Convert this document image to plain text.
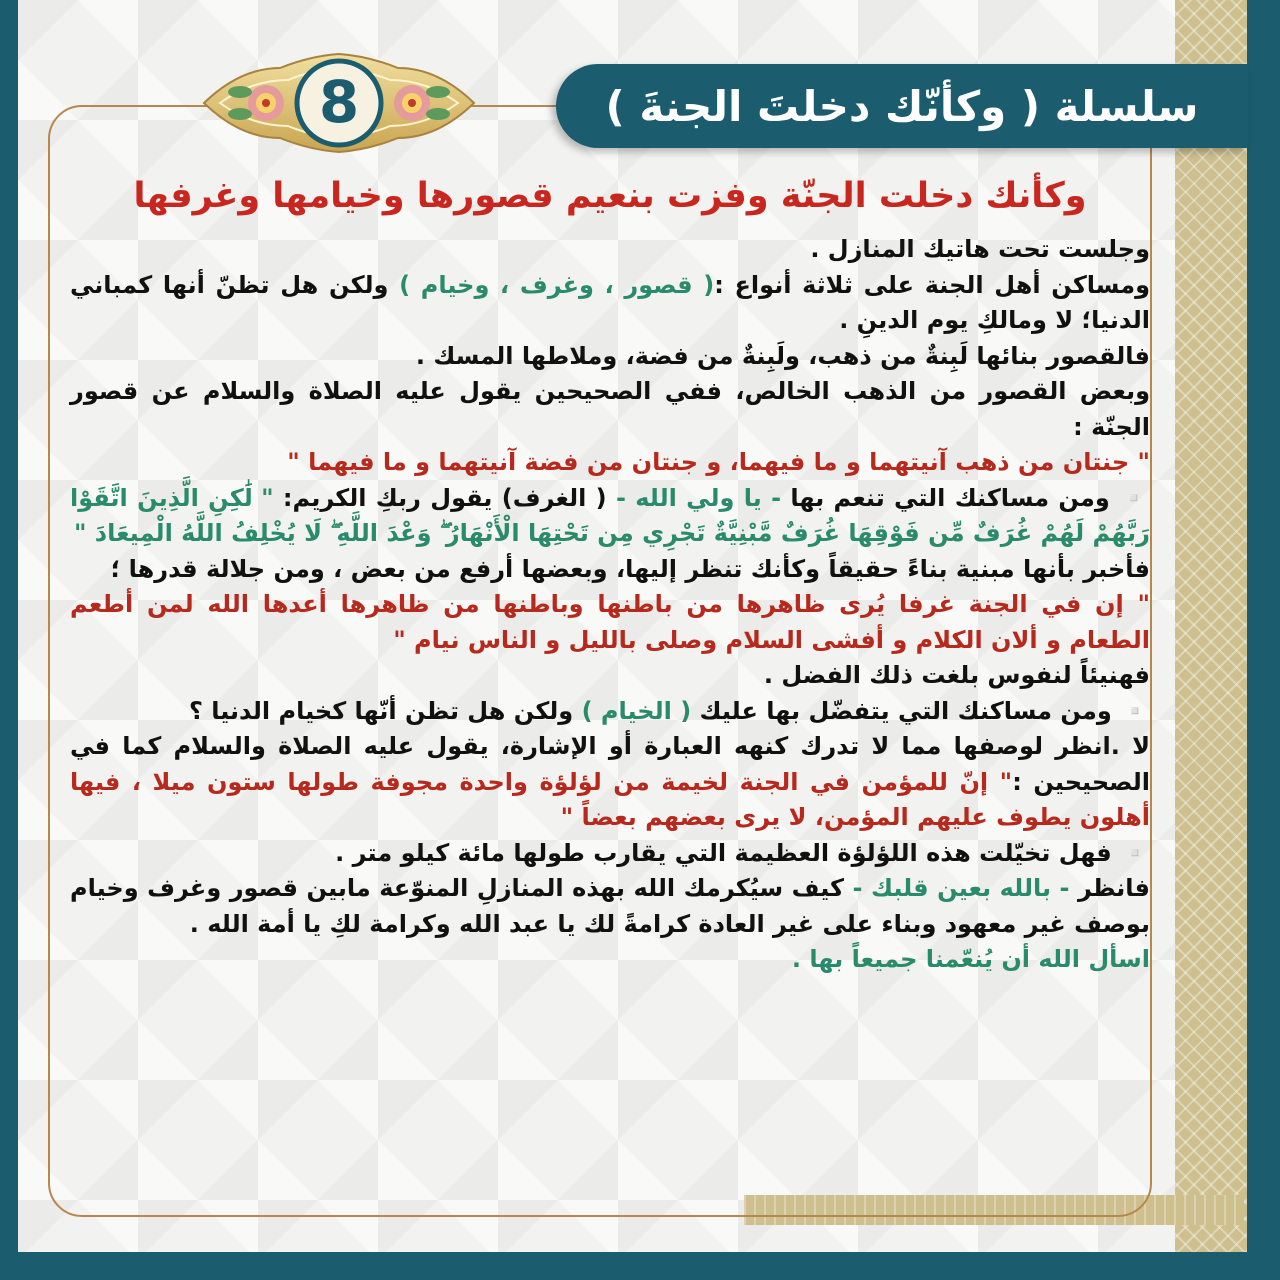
سلسلة ( وكأنّك دخلتَ الجنةَ )
8

وكأنك دخلت الجنّة وفزت بنعيم قصورها وخيامها وغرفها

وجلست تحت هاتيك المنازل .

ومساكن أهل الجنة على ثلاثة أنواع :( قصور ، وغرف ، وخيام ) ولكن هل تظنّ أنها كمباني الدنيا؛ لا ومالكِ يوم الدينِ .

فالقصور بنائها لَبِنةٌ من ذهب، ولَبِنةٌ من فضة، وملاطها المسك .

وبعض القصور من الذهب الخالص، ففي الصحيحين يقول عليه الصلاة والسلام عن قصور الجنّة :

" جنتان من ذهب آنيتهما و ما فيهما، و جنتان من فضة آنيتهما و ما فيهما "

▫️ ومن مساكنك التي تنعم بها - يا ولي الله - ( الغرف) يقول ربكِ الكريم: " لَٰكِنِ الَّذِينَ اتَّقَوْا رَبَّهُمْ لَهُمْ غُرَفٌ مِّن فَوْقِهَا غُرَفٌ مَّبْنِيَّةٌ تَجْرِي مِن تَحْتِهَا الْأَنْهَارُ ۖ وَعْدَ اللَّهِ ۖ لَا يُخْلِفُ اللَّهُ الْمِيعَادَ "

فأخبر بأنها مبنية بناءً حقيقاً وكأنك تنظر إليها، وبعضها أرفع من بعض ، ومن جلالة قدرها ؛

" إن في الجنة غرفا يُرى ظاهرها من باطنها وباطنها من ظاهرها أعدها الله لمن أطعم الطعام و ألان الكلام و أفشى السلام وصلى بالليل و الناس نيام "

فهنيئاً لنفوس بلغت ذلك الفضل .

▫️ ومن مساكنك التي يتفضّل بها عليك ( الخيام ) ولكن هل تظن أنّها كخيام الدنيا ؟

لا .انظر لوصفها مما لا تدرك كنهه العبارة أو الإشارة، يقول عليه الصلاة والسلام كما في الصحيحين :" إنّ للمؤمن في الجنة لخيمة من لؤلؤة واحدة مجوفة طولها ستون ميلا ، فيها أهلون يطوف عليهم المؤمن، لا يرى بعضهم بعضاً "

▫️ فهل تخيّلت هذه اللؤلؤة العظيمة التي يقارب طولها مائة كيلو متر .

فانظر - بالله بعين قلبك - كيف سيُكرمك الله بهذه المنازلِ المنوّعة مابين قصور وغرف وخيام بوصف غير معهود وبناء على غير العادة كرامةً لك يا عبد الله وكرامة لكِ يا أمة الله .

اسأل الله أن يُنعّمنا جميعاً بها .
